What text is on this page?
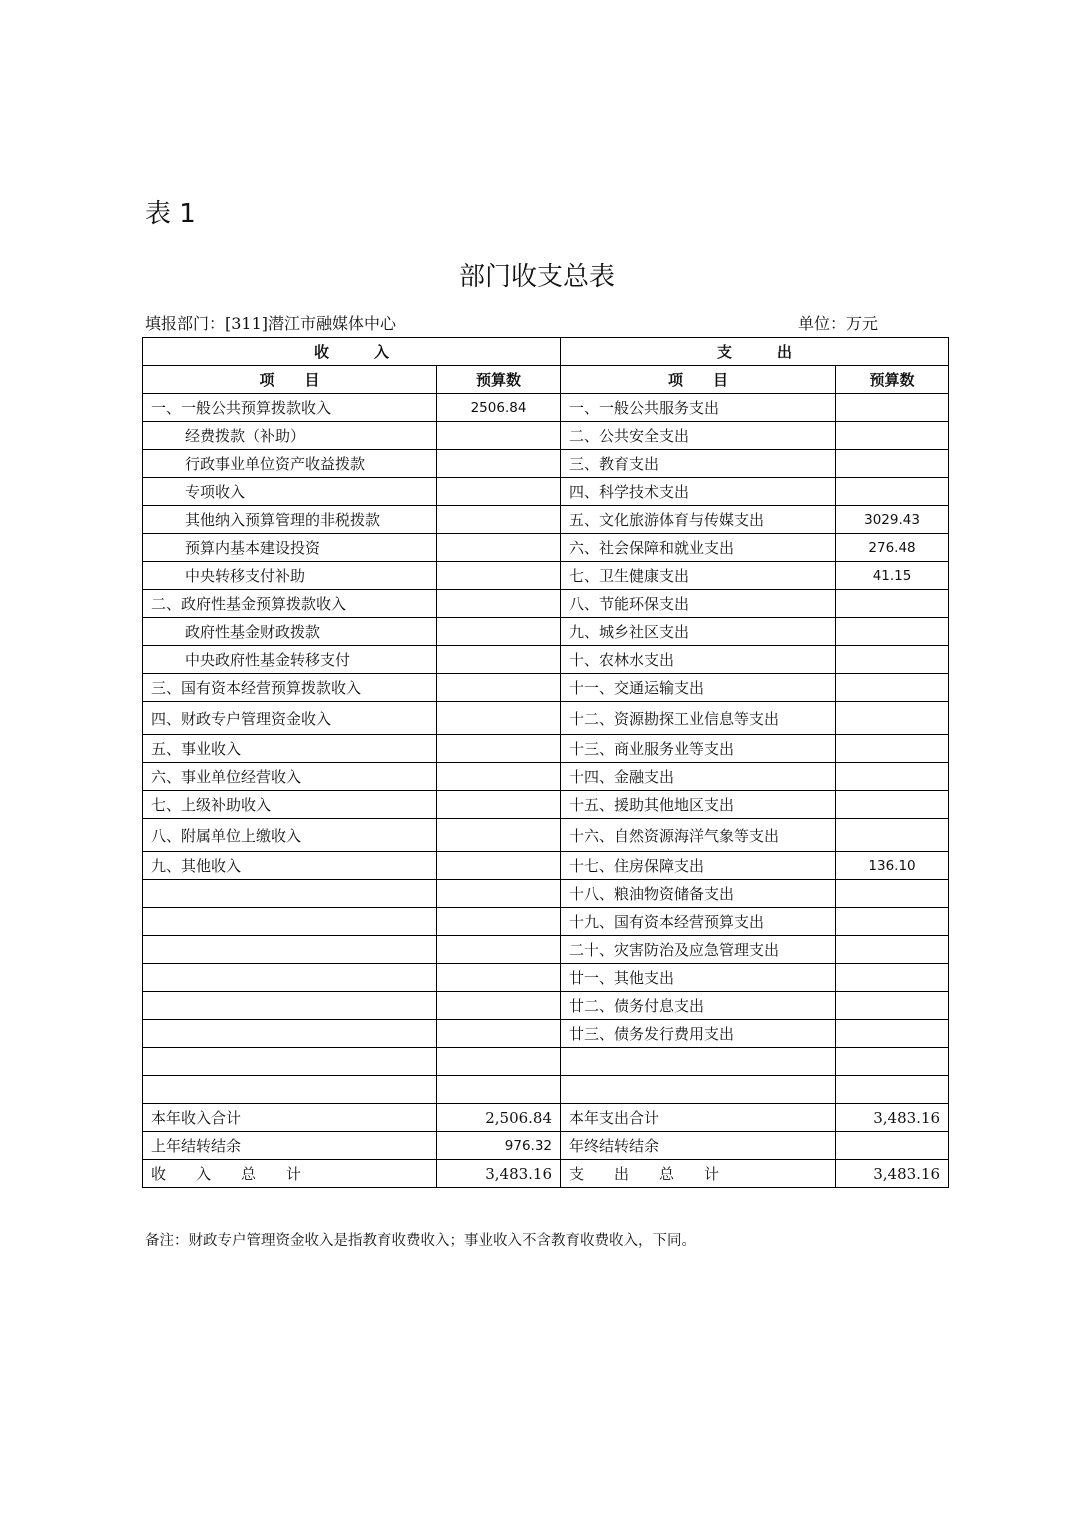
表 1
部门收支总表
填报部门：[311]潜江市融媒体中心	单位：万元
收　　　入		支　　　出	
项　　目	预算数	项　　目	预算数
一、一般公共预算拨款收入	2506.84	一、一般公共服务支出	
经费拨款（补助）		二、公共安全支出	
行政事业单位资产收益拨款		三、教育支出	
专项收入		四、科学技术支出	
其他纳入预算管理的非税拨款		五、文化旅游体育与传媒支出	3029.43
预算内基本建设投资		六、社会保障和就业支出	276.48
中央转移支付补助		七、卫生健康支出	41.15
二、政府性基金预算拨款收入		八、节能环保支出	
政府性基金财政拨款		九、城乡社区支出	
中央政府性基金转移支付		十、农林水支出	
三、国有资本经营预算拨款收入		十一、交通运输支出	
四、财政专户管理资金收入		十二、资源勘探工业信息等支出	
五、事业收入		十三、商业服务业等支出	
六、事业单位经营收入		十四、金融支出	
七、上级补助收入		十五、援助其他地区支出	
八、附属单位上缴收入		十六、自然资源海洋气象等支出	
九、其他收入		十七、住房保障支出	136.10
		十八、粮油物资储备支出	
		十九、国有资本经营预算支出	
		二十、灾害防治及应急管理支出	
		廿一、其他支出	
		廿二、债务付息支出	
		廿三、债务发行费用支出	

本年收入合计	2,506.84	本年支出合计	3,483.16
上年结转结余	976.32	年终结转结余	
收　　入　　总　　计	3,483.16	支　　出　　总　　计	3,483.16
备注：财政专户管理资金收入是指教育收费收入；事业收入不含教育收费收入，下同。
